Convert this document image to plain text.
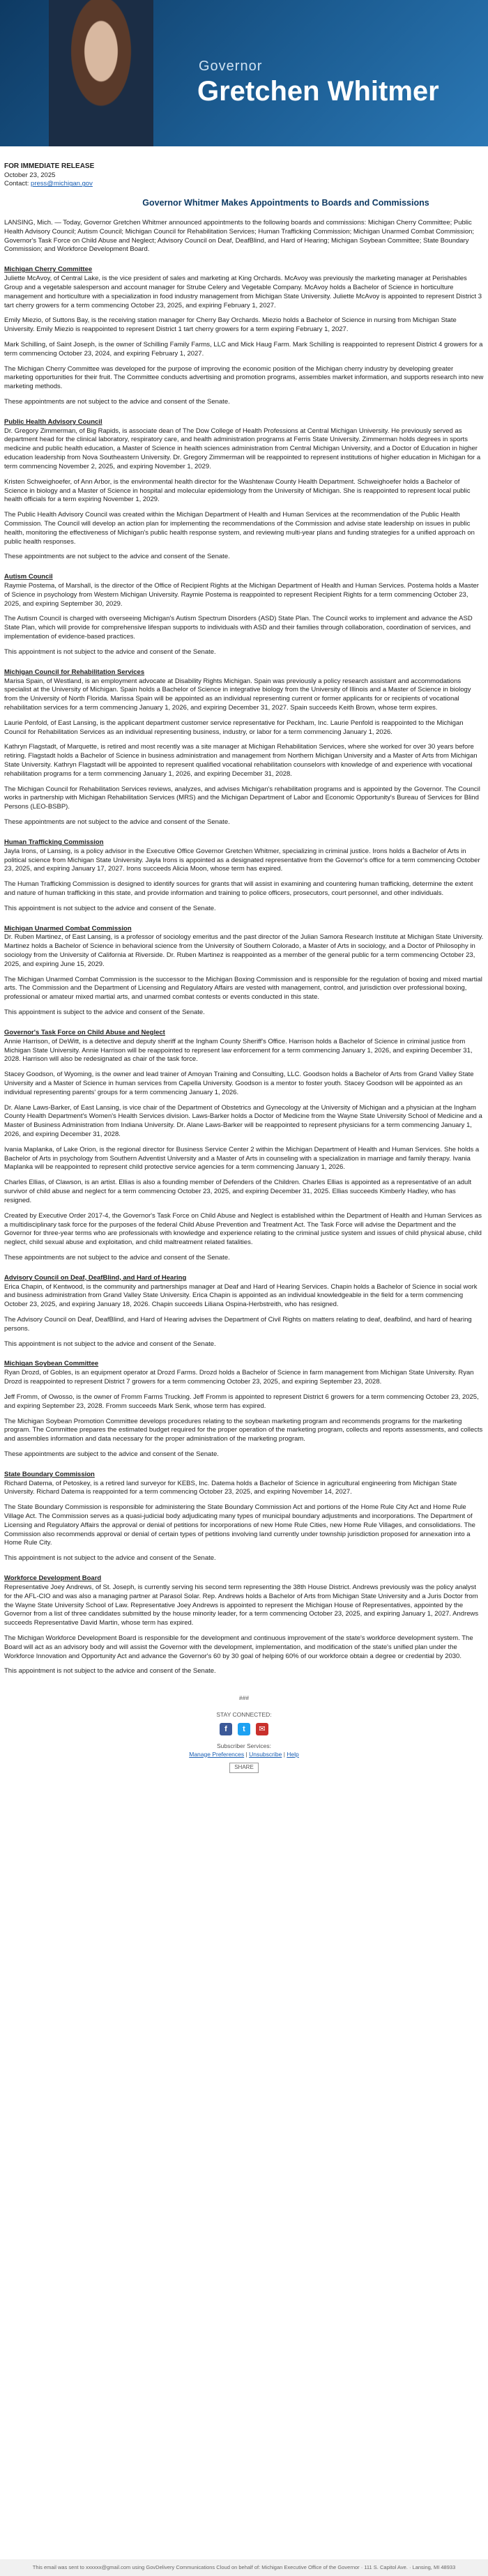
Governor
Gretchen Whitmer
FOR IMMEDIATE RELEASE
October 23, 2025
Contact: press@michigan.gov
Governor Whitmer Makes Appointments to Boards and Commissions

LANSING, Mich. — Today, Governor Gretchen Whitmer announced appointments to the following boards and commissions: Michigan Cherry Committee; Public Health Advisory Council; Autism Council; Michigan Council for Rehabilitation Services; Human Trafficking Commission; Michigan Unarmed Combat Commission; Governor's Task Force on Child Abuse and Neglect; Advisory Council on Deaf, DeafBlind, and Hard of Hearing; Michigan Soybean Committee; State Boundary Commission; and Workforce Development Board.

Michigan Cherry Committee

Juliette McAvoy, of Central Lake, is the vice president of sales and marketing at King Orchards. McAvoy was previously the marketing manager at Perishables Group and a vegetable salesperson and account manager for Strube Celery and Vegetable Company. McAvoy holds a Bachelor of Science in horticulture management and horticulture with a specialization in food industry management from Michigan State University. Juliette McAvoy is appointed to represent District 3 tart cherry growers for a term commencing October 23, 2025, and expiring February 1, 2027.

Emily Miezio, of Suttons Bay, is the receiving station manager for Cherry Bay Orchards. Miezio holds a Bachelor of Science in nursing from Michigan State University. Emily Miezio is reappointed to represent District 1 tart cherry growers for a term expiring February 1, 2027.

Mark Schilling, of Saint Joseph, is the owner of Schilling Family Farms, LLC and Mick Haug Farm. Mark Schilling is reappointed to represent District 4 growers for a term commencing October 23, 2024, and expiring February 1, 2027.

The Michigan Cherry Committee was developed for the purpose of improving the economic position of the Michigan cherry industry by developing greater marketing opportunities for their fruit. The Committee conducts advertising and promotion programs, assembles market information, and supports research into new marketing methods.

These appointments are not subject to the advice and consent of the Senate.

Public Health Advisory Council

Dr. Gregory Zimmerman, of Big Rapids, is associate dean of The Dow College of Health Professions at Central Michigan University. He previously served as department head for the clinical laboratory, respiratory care, and health administration programs at Ferris State University. Zimmerman holds degrees in sports medicine and public health education, a Master of Science in health sciences administration from Central Michigan University, and a Doctor of Education in higher education leadership from Nova Southeastern University. Dr. Gregory Zimmerman will be reappointed to represent institutions of higher education in Michigan for a term commencing November 2, 2025, and expiring November 1, 2029.

Kristen Schweighoefer, of Ann Arbor, is the environmental health director for the Washtenaw County Health Department. Schweighoefer holds a Bachelor of Science in biology and a Master of Science in hospital and molecular epidemiology from the University of Michigan. She is reappointed to represent local public health officials for a term expiring November 1, 2029.

The Public Health Advisory Council was created within the Michigan Department of Health and Human Services at the recommendation of the Public Health Commission. The Council will develop an action plan for implementing the recommendations of the Commission and advise state leadership on issues in public health, monitoring the effectiveness of Michigan's public health response system, and reviewing multi-year plans and funding strategies for a unified approach on public health responses.

These appointments are not subject to the advice and consent of the Senate.

Autism Council

Raymie Postema, of Marshall, is the director of the Office of Recipient Rights at the Michigan Department of Health and Human Services. Postema holds a Master of Science in psychology from Western Michigan University. Raymie Postema is reappointed to represent Recipient Rights for a term commencing October 23, 2025, and expiring September 30, 2029.

The Autism Council is charged with overseeing Michigan's Autism Spectrum Disorders (ASD) State Plan. The Council works to implement and advance the ASD State Plan, which will provide for comprehensive lifespan supports to individuals with ASD and their families through collaboration, coordination of services, and implementation of evidence-based practices.

This appointment is not subject to the advice and consent of the Senate.

Michigan Council for Rehabilitation Services

Marisa Spain, of Westland, is an employment advocate at Disability Rights Michigan. Spain was previously a policy research assistant and accommodations specialist at the University of Michigan. Spain holds a Bachelor of Science in integrative biology from the University of Illinois and a Master of Science in biology from the University of North Florida. Marissa Spain will be appointed as an individual representing current or former applicants for or recipients of vocational rehabilitation services for a term commencing January 1, 2026, and expiring December 31, 2027. Spain succeeds Keith Brown, whose term expires.

Laurie Penfold, of East Lansing, is the applicant department customer service representative for Peckham, Inc. Laurie Penfold is reappointed to the Michigan Council for Rehabilitation Services as an individual representing business, industry, or labor for a term commencing January 1, 2026.

Kathryn Flagstadt, of Marquette, is retired and most recently was a site manager at Michigan Rehabilitation Services, where she worked for over 30 years before retiring. Flagstadt holds a Bachelor of Science in business administration and management from Northern Michigan University and a Master of Arts from Michigan State University. Kathryn Flagstadt will be appointed to represent qualified vocational rehabilitation counselors with knowledge of and experience with vocational rehabilitation programs for a term commencing January 1, 2026, and expiring December 31, 2028.

The Michigan Council for Rehabilitation Services reviews, analyzes, and advises Michigan's rehabilitation programs and is appointed by the Governor. The Council works in partnership with Michigan Rehabilitation Services (MRS) and the Michigan Department of Labor and Economic Opportunity's Bureau of Services for Blind Persons (LEO-BSBP).

These appointments are not subject to the advice and consent of the Senate.

Human Trafficking Commission

Jayla Irons, of Lansing, is a policy advisor in the Executive Office Governor Gretchen Whitmer, specializing in criminal justice. Irons holds a Bachelor of Arts in political science from Michigan State University. Jayla Irons is appointed as a designated representative from the Governor's office for a term commencing October 23, 2025, and expiring January 17, 2027. Irons succeeds Alicia Moon, whose term has expired.

The Human Trafficking Commission is designed to identify sources for grants that will assist in examining and countering human trafficking, determine the extent and nature of human trafficking in this state, and provide information and training to police officers, prosecutors, court personnel, and other individuals.

This appointment is not subject to the advice and consent of the Senate.

Michigan Unarmed Combat Commission

Dr. Ruben Martinez, of East Lansing, is a professor of sociology emeritus and the past director of the Julian Samora Research Institute at Michigan State University. Martinez holds a Bachelor of Science in behavioral science from the University of Southern Colorado, a Master of Arts in sociology, and a Doctor of Philosophy in sociology from the University of California at Riverside. Dr. Ruben Martinez is reappointed as a member of the general public for a term commencing October 23, 2025, and expiring June 15, 2029.

The Michigan Unarmed Combat Commission is the successor to the Michigan Boxing Commission and is responsible for the regulation of boxing and mixed martial arts. The Commission and the Department of Licensing and Regulatory Affairs are vested with management, control, and jurisdiction over professional boxing, professional or amateur mixed martial arts, and unarmed combat contests or events conducted in this state.

This appointment is subject to the advice and consent of the Senate.

Governor's Task Force on Child Abuse and Neglect

Annie Harrison, of DeWitt, is a detective and deputy sheriff at the Ingham County Sheriff's Office. Harrison holds a Bachelor of Science in criminal justice from Michigan State University. Annie Harrison will be reappointed to represent law enforcement for a term commencing January 1, 2026, and expiring December 31, 2028. Harrison will also be redesignated as chair of the task force.

Stacey Goodson, of Wyoming, is the owner and lead trainer of Amoyan Training and Consulting, LLC. Goodson holds a Bachelor of Arts from Grand Valley State University and a Master of Science in human services from Capella University. Goodson is a mentor to foster youth. Stacey Goodson will be appointed as an individual representing parents' groups for a term commencing January 1, 2026.

Dr. Alane Laws-Barker, of East Lansing, is vice chair of the Department of Obstetrics and Gynecology at the University of Michigan and a physician at the Ingham County Health Department's Women's Health Services division. Laws-Barker holds a Doctor of Medicine from the Wayne State University School of Medicine and a Master of Business Administration from Indiana University. Dr. Alane Laws-Barker will be reappointed to represent physicians for a term commencing January 1, 2026, and expiring December 31, 2028.

Ivania Maplanka, of Lake Orion, is the regional director for Business Service Center 2 within the Michigan Department of Health and Human Services. She holds a Bachelor of Arts in psychology from Southern Adventist University and a Master of Arts in counseling with a specialization in marriage and family therapy. Ivania Maplanka will be reappointed to represent child protective service agencies for a term commencing January 1, 2026.

Charles Ellias, of Clawson, is an artist. Ellias is also a founding member of Defenders of the Children. Charles Ellias is appointed as a representative of an adult survivor of child abuse and neglect for a term commencing October 23, 2025, and expiring December 31, 2025. Ellias succeeds Kimberly Hadley, who has resigned.

Created by Executive Order 2017-4, the Governor's Task Force on Child Abuse and Neglect is established within the Department of Health and Human Services as a multidisciplinary task force for the purposes of the federal Child Abuse Prevention and Treatment Act. The Task Force will advise the Department and the Governor for three-year terms who are professionals with knowledge and experience relating to the criminal justice system and issues of child physical abuse, child neglect, child sexual abuse and exploitation, and child maltreatment related fatalities.

These appointments are not subject to the advice and consent of the Senate.

Advisory Council on Deaf, DeafBlind, and Hard of Hearing

Erica Chapin, of Kentwood, is the community and partnerships manager at Deaf and Hard of Hearing Services. Chapin holds a Bachelor of Science in social work and business administration from Grand Valley State University. Erica Chapin is appointed as an individual knowledgeable in the field for a term commencing October 23, 2025, and expiring January 18, 2026. Chapin succeeds Liliana Ospina-Herbstreith, who has resigned.

The Advisory Council on Deaf, DeafBlind, and Hard of Hearing advises the Department of Civil Rights on matters relating to deaf, deafblind, and hard of hearing persons.

This appointment is not subject to the advice and consent of the Senate.

Michigan Soybean Committee

Ryan Drozd, of Gobles, is an equipment operator at Drozd Farms. Drozd holds a Bachelor of Science in farm management from Michigan State University. Ryan Drozd is reappointed to represent District 7 growers for a term commencing October 23, 2025, and expiring September 23, 2028.

Jeff Fromm, of Owosso, is the owner of Fromm Farms Trucking. Jeff Fromm is appointed to represent District 6 growers for a term commencing October 23, 2025, and expiring September 23, 2028. Fromm succeeds Mark Senk, whose term has expired.

The Michigan Soybean Promotion Committee develops procedures relating to the soybean marketing program and recommends programs for the marketing program. The Committee prepares the estimated budget required for the proper operation of the marketing program, collects and reports assessments, and collects and assembles information and data necessary for the proper administration of the marketing program.

These appointments are subject to the advice and consent of the Senate.

State Boundary Commission

Richard Datema, of Petoskey, is a retired land surveyor for KEBS, Inc. Datema holds a Bachelor of Science in agricultural engineering from Michigan State University. Richard Datema is reappointed for a term commencing October 23, 2025, and expiring November 14, 2027.

The State Boundary Commission is responsible for administering the State Boundary Commission Act and portions of the Home Rule City Act and Home Rule Village Act. The Commission serves as a quasi-judicial body adjudicating many types of municipal boundary adjustments and incorporations. The Department of Licensing and Regulatory Affairs the approval or denial of petitions for incorporations of new Home Rule Cities, new Home Rule Villages, and consolidations. The Commission also recommends approval or denial of certain types of petitions involving land currently under township jurisdiction proposed for annexation into a Home Rule City.

This appointment is not subject to the advice and consent of the Senate.

Workforce Development Board

Representative Joey Andrews, of St. Joseph, is currently serving his second term representing the 38th House District. Andrews previously was the policy analyst for the AFL-CIO and was also a managing partner at Parasol Solar. Rep. Andrews holds a Bachelor of Arts from Michigan State University and a Juris Doctor from the Wayne State University School of Law. Representative Joey Andrews is appointed to represent the Michigan House of Representatives, appointed by the Governor from a list of three candidates submitted by the house minority leader, for a term commencing October 23, 2025, and expiring January 1, 2027. Andrews succeeds Representative David Martin, whose term has expired.

The Michigan Workforce Development Board is responsible for the development and continuous improvement of the state's workforce development system. The Board will act as an advisory body and will assist the Governor with the development, implementation, and modification of the state's unified plan under the Workforce Innovation and Opportunity Act and advance the Governor's 60 by 30 goal of helping 60% of our workforce obtain a degree or credential by 2030.

This appointment is not subject to the advice and consent of the Senate.

###
STAY CONNECTED:
f	t	✉
Subscriber Services:
Manage Preferences | Unsubscribe | Help
SHARE
This email was sent to xxxxxx@gmail.com using GovDelivery Communications Cloud on behalf of: Michigan Executive Office of the Governor · 111 S. Capitol Ave. · Lansing, MI 48933
